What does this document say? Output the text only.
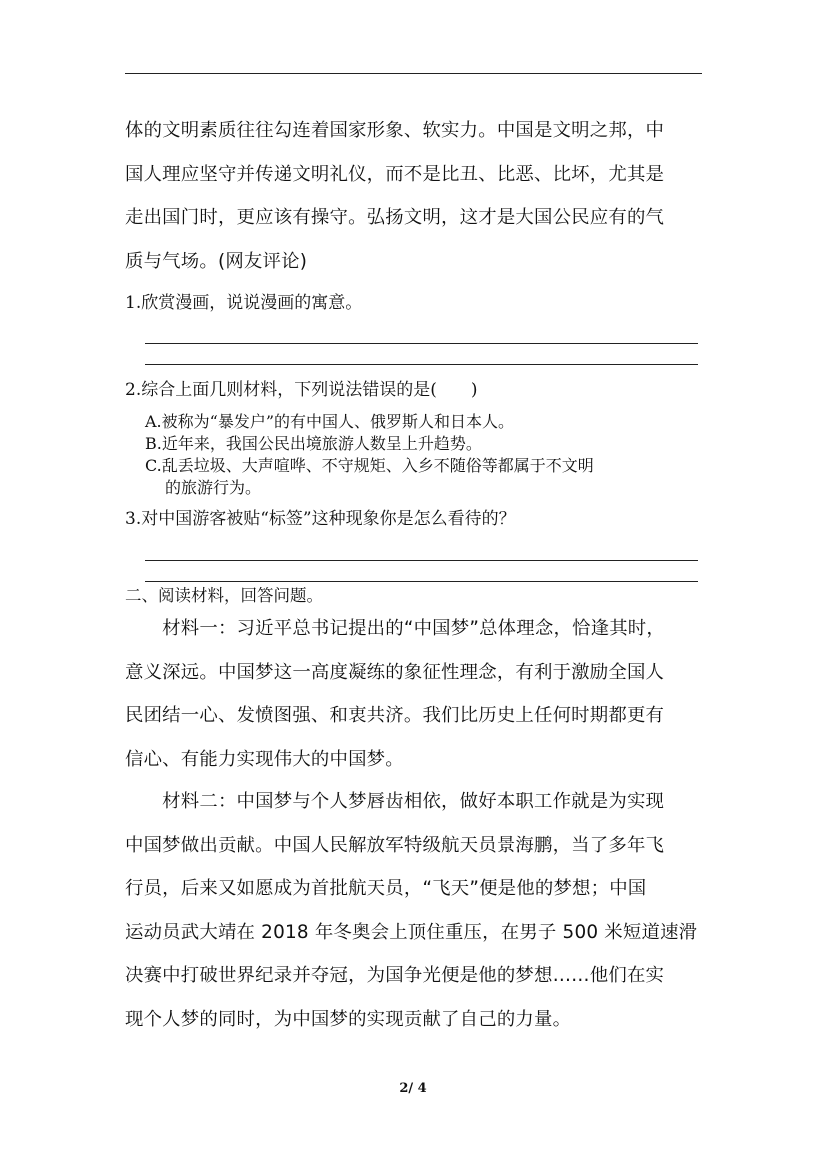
体的文明素质往往勾连着国家形象、软实力。中国是文明之邦，中
国人理应坚守并传递文明礼仪，而不是比丑、比恶、比坏，尤其是
走出国门时，更应该有操守。弘扬文明，这才是大国公民应有的气
质与气场。(网友评论)

1.欣赏漫画，说说漫画的寓意。

2.综合上面几则材料，下列说法错误的是(　　)

A.被称为“暴发户”的有中国人、俄罗斯人和日本人。

B.近年来，我国公民出境旅游人数呈上升趋势。

C.乱丢垃圾、大声喧哗、不守规矩、入乡不随俗等都属于不文明

的旅游行为。

3.对中国游客被贴“标签”这种现象你是怎么看待的？

二、阅读材料，回答问题。

　　材料一：习近平总书记提出的“中国梦”总体理念，恰逢其时，
意义深远。中国梦这一高度凝练的象征性理念，有利于激励全国人
民团结一心、发愤图强、和衷共济。我们比历史上任何时期都更有
信心、有能力实现伟大的中国梦。
　　材料二：中国梦与个人梦唇齿相依，做好本职工作就是为实现
中国梦做出贡献。中国人民解放军特级航天员景海鹏，当了多年飞
行员，后来又如愿成为首批航天员，“飞天”便是他的梦想；中国
运动员武大靖在 2018 年冬奥会上顶住重压，在男子 500 米短道速滑
决赛中打破世界纪录并夺冠，为国争光便是他的梦想……他们在实
现个人梦的同时，为中国梦的实现贡献了自己的力量。
2/ 4
